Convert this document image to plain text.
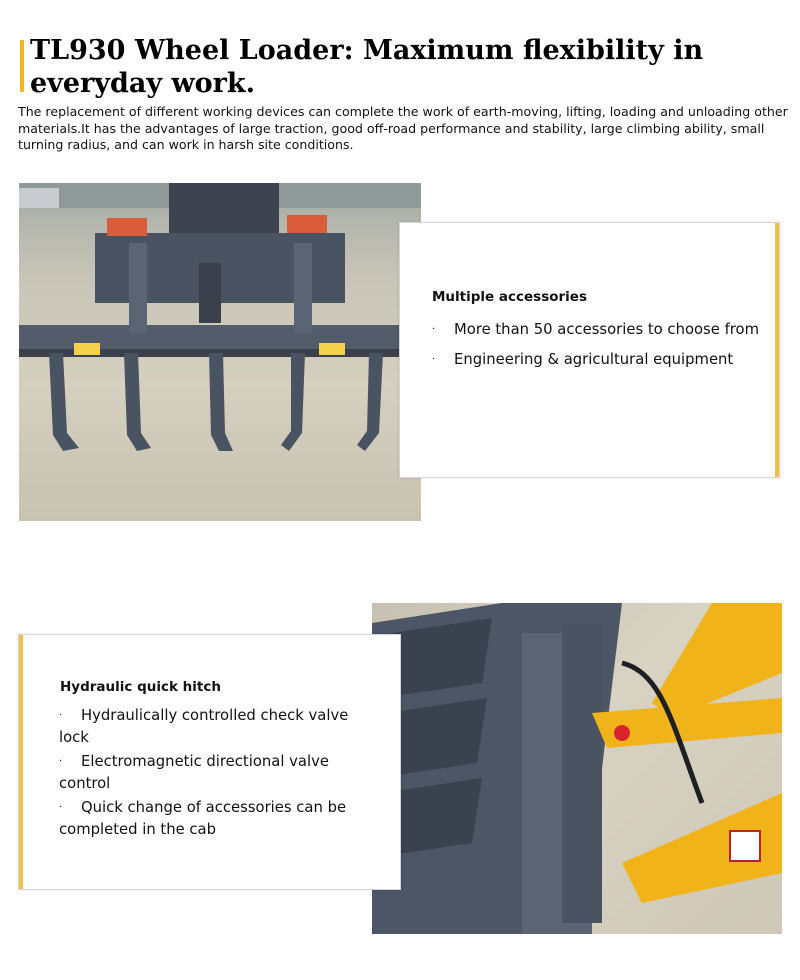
TL930 Wheel Loader: Maximum flexibility in everyday work.

The replacement of different working devices can complete the work of earth-moving, lifting, loading and unloading other materials.It has the advantages of large traction, good off-road performance and stability, large climbing ability, small turning radius, and can work in harsh site conditions.

Multiple accessories
· More than 50 accessories to choose from
· Engineering & agricultural equipment
Hydraulic quick hitch
· Hydraulically controlled check valve lock
· Electromagnetic directional valve control
· Quick change of accessories can be completed in the cab
